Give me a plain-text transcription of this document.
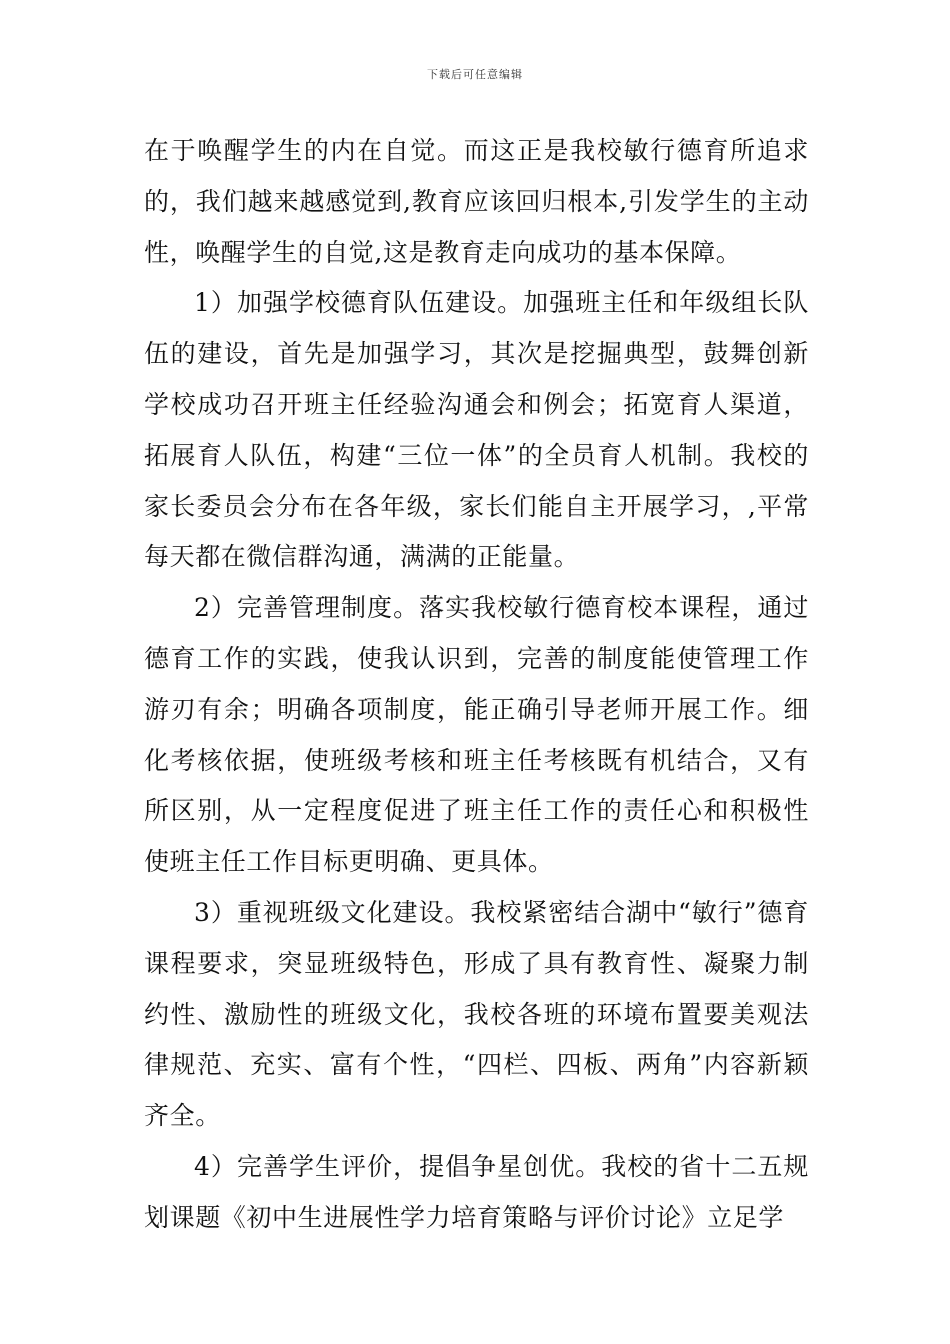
下载后可任意编辑

在于唤醒学生的内在自觉。而这正是我校敏行德育所追求的，我们越来越感觉到,教育应该回归根本,引发学生的主动性，唤醒学生的自觉,这是教育走向成功的基本保障。

1）加强学校德育队伍建设。加强班主任和年级组长队伍的建设，首先是加强学习，其次是挖掘典型，鼓舞创新学校成功召开班主任经验沟通会和例会；拓宽育人渠道，拓展育人队伍，构建“三位一体”的全员育人机制。我校的家长委员会分布在各年级，家长们能自主开展学习，,平常每天都在微信群沟通，满满的正能量。

2）完善管理制度。落实我校敏行德育校本课程，通过德育工作的实践，使我认识到，完善的制度能使管理工作游刃有余；明确各项制度，能正确引导老师开展工作。细化考核依据，使班级考核和班主任考核既有机结合，又有所区别，从一定程度促进了班主任工作的责任心和积极性使班主任工作目标更明确、更具体。

3）重视班级文化建设。我校紧密结合湖中“敏行”德育课程要求，突显班级特色，形成了具有教育性、凝聚力制约性、激励性的班级文化，我校各班的环境布置要美观法律规范、充实、富有个性，“四栏、四板、两角”内容新颖齐全。

4）完善学生评价，提倡争星创优。我校的省十二五规划课题《初中生进展性学力培育策略与评价讨论》立足学
